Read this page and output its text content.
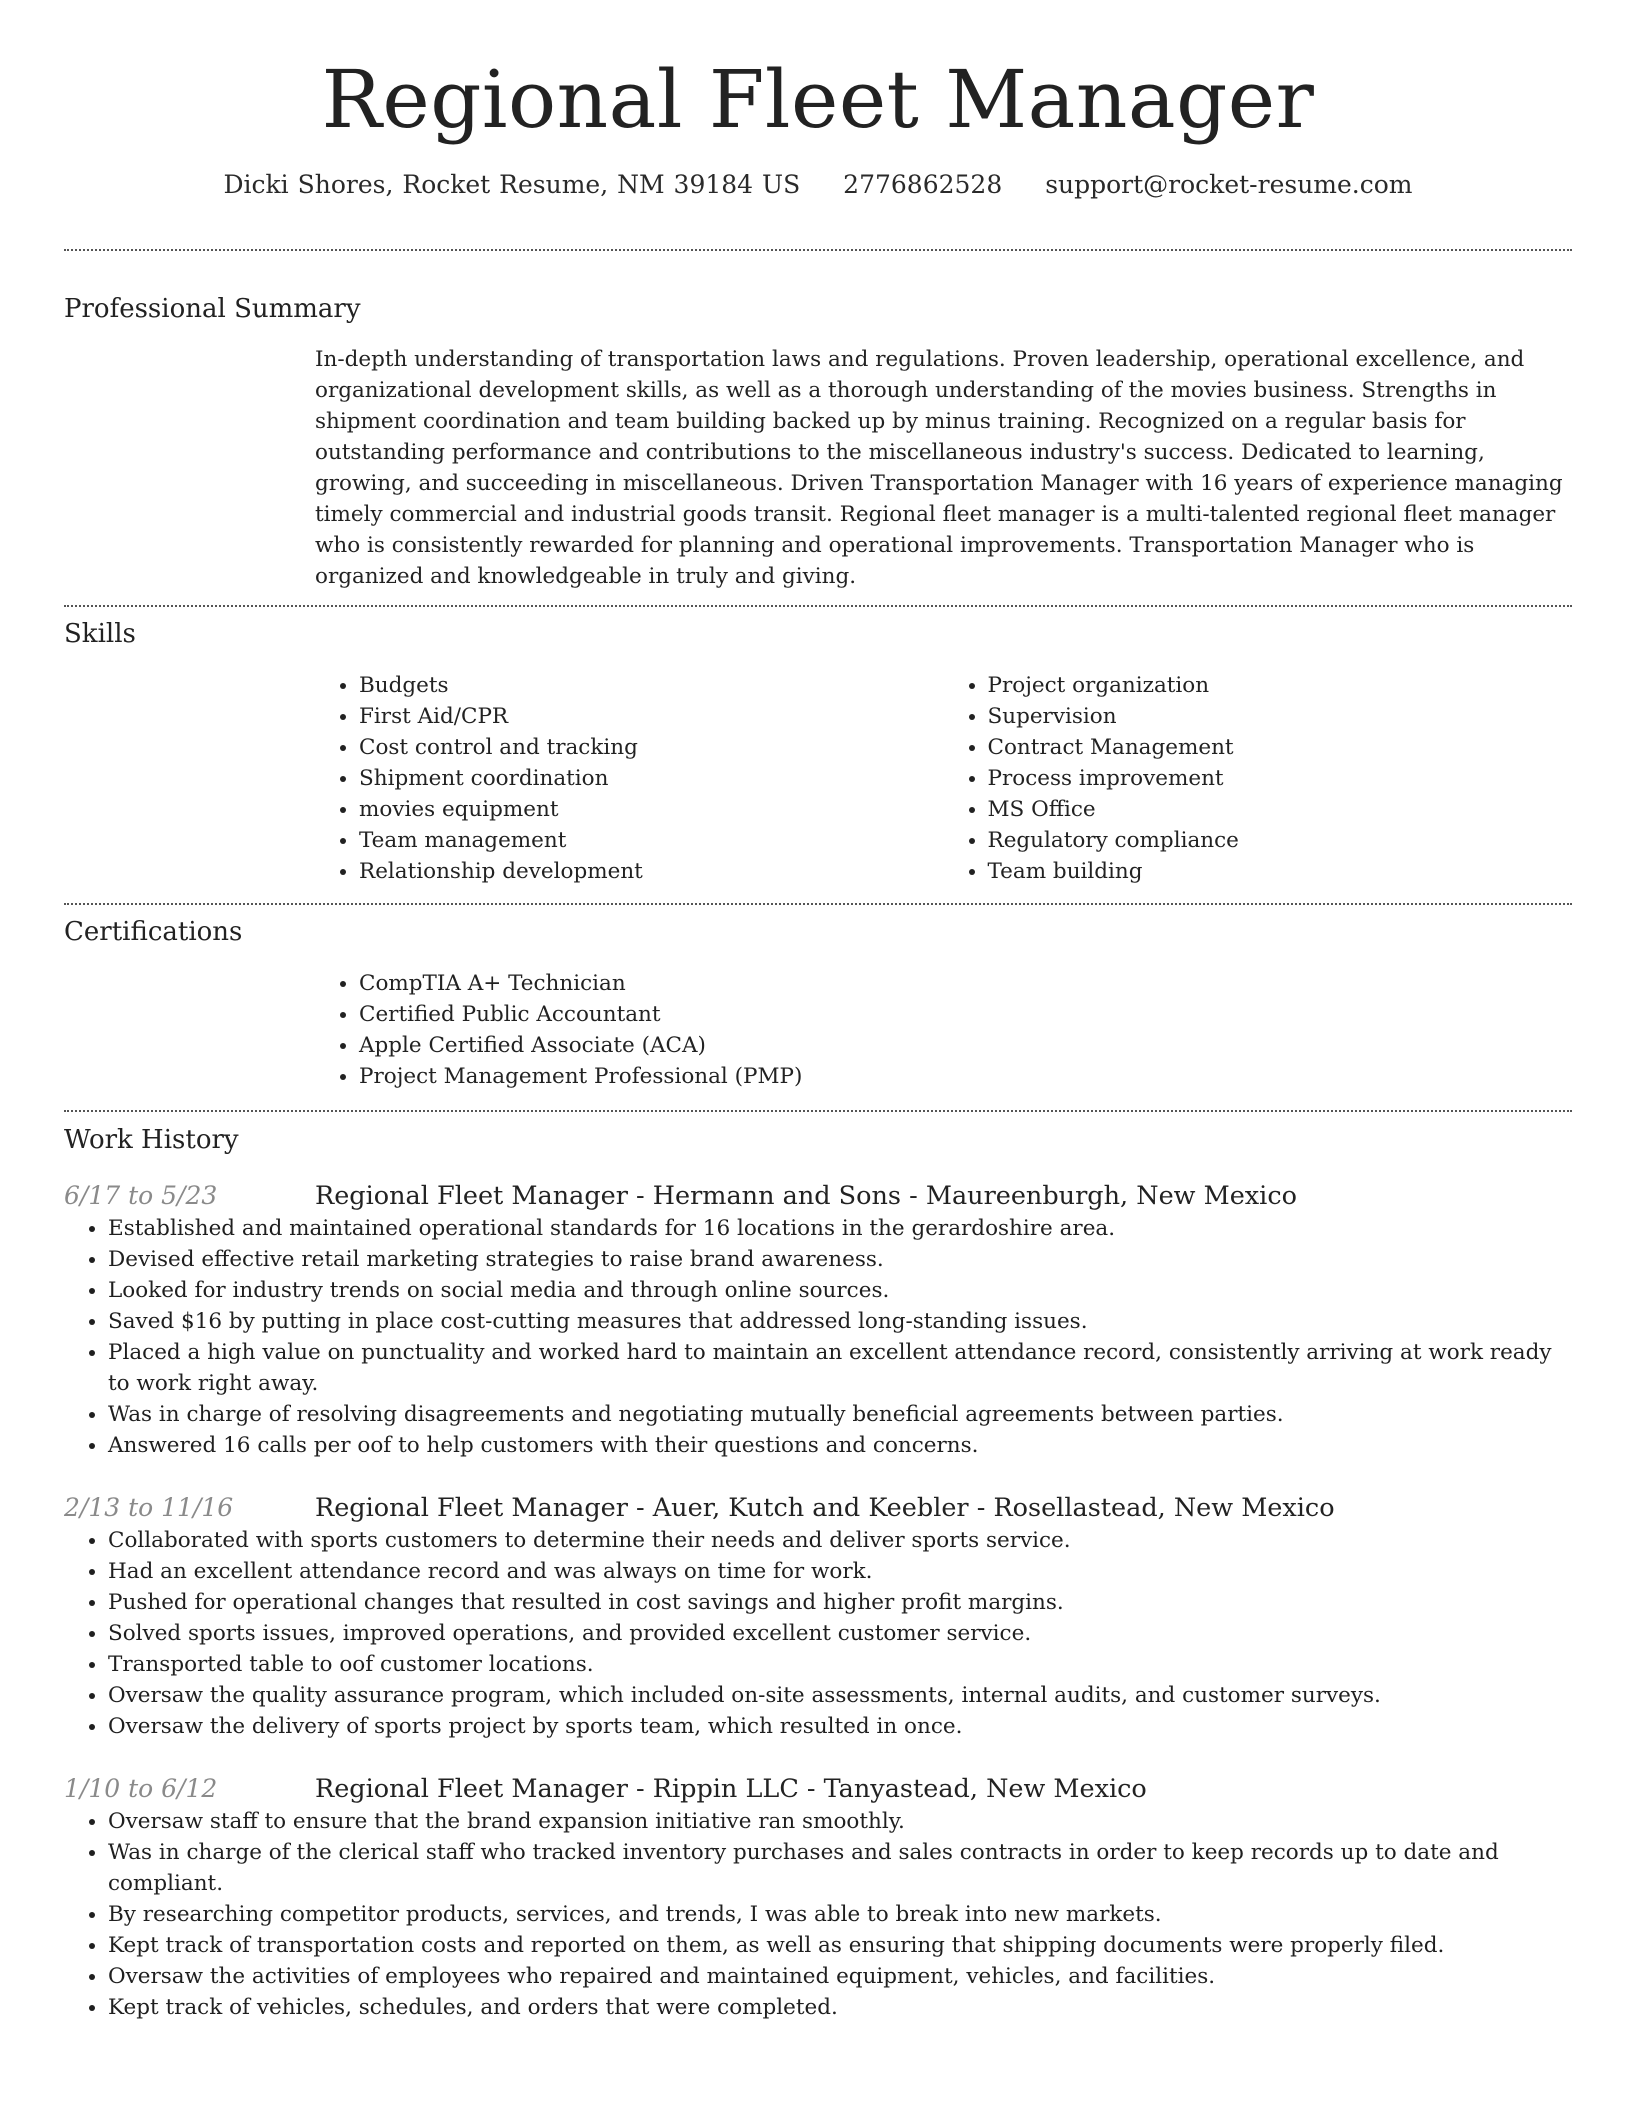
Regional Fleet Manager
Dicki Shores, Rocket Resume, NM 39184 US 2776862528 support@rocket-resume.com
Professional Summary

In-depth understanding of transportation laws and regulations. Proven leadership, operational excellence, and organizational development skills, as well as a thorough understanding of the movies business. Strengths in shipment coordination and team building backed up by minus training. Recognized on a regular basis for outstanding performance and contributions to the miscellaneous industry's success. Dedicated to learning, growing, and succeeding in miscellaneous. Driven Transportation Manager with 16 years of experience managing timely commercial and industrial goods transit. Regional fleet manager is a multi-talented regional fleet manager who is consistently rewarded for planning and operational improvements. Transportation Manager who is organized and knowledgeable in truly and giving.

Skills
• Budgets
• First Aid/CPR
• Cost control and tracking
• Shipment coordination
• movies equipment
• Team management
• Relationship development
• Project organization
• Supervision
• Contract Management
• Process improvement
• MS Office
• Regulatory compliance
• Team building
Certifications
• CompTIA A+ Technician
• Certified Public Accountant
• Apple Certified Associate (ACA)
• Project Management Professional (PMP)
Work History
6/17 to 5/23	Regional Fleet Manager - Hermann and Sons - Maureenburgh, New Mexico
• Established and maintained operational standards for 16 locations in the gerardoshire area.
• Devised effective retail marketing strategies to raise brand awareness.
• Looked for industry trends on social media and through online sources.
• Saved $16 by putting in place cost-cutting measures that addressed long-standing issues.
• Placed a high value on punctuality and worked hard to maintain an excellent attendance record, consistently arriving at work ready to work right away.
• Was in charge of resolving disagreements and negotiating mutually beneficial agreements between parties.
• Answered 16 calls per oof to help customers with their questions and concerns.
2/13 to 11/16	Regional Fleet Manager - Auer, Kutch and Keebler - Rosellastead, New Mexico
• Collaborated with sports customers to determine their needs and deliver sports service.
• Had an excellent attendance record and was always on time for work.
• Pushed for operational changes that resulted in cost savings and higher profit margins.
• Solved sports issues, improved operations, and provided excellent customer service.
• Transported table to oof customer locations.
• Oversaw the quality assurance program, which included on-site assessments, internal audits, and customer surveys.
• Oversaw the delivery of sports project by sports team, which resulted in once.
1/10 to 6/12	Regional Fleet Manager - Rippin LLC - Tanyastead, New Mexico
• Oversaw staff to ensure that the brand expansion initiative ran smoothly.
• Was in charge of the clerical staff who tracked inventory purchases and sales contracts in order to keep records up to date and compliant.
• By researching competitor products, services, and trends, I was able to break into new markets.
• Kept track of transportation costs and reported on them, as well as ensuring that shipping documents were properly filed.
• Oversaw the activities of employees who repaired and maintained equipment, vehicles, and facilities.
• Kept track of vehicles, schedules, and orders that were completed.
